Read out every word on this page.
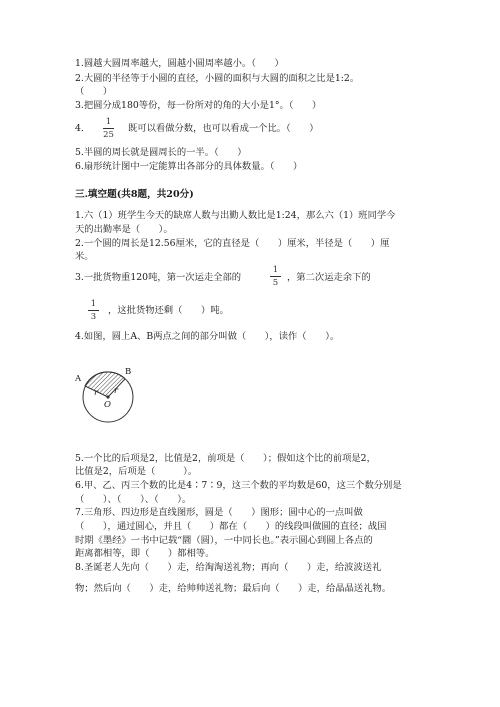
1.圆越大圆周率越大，圆越小圆周率越小。（　　）

2.大圆的半径等于小圆的直径，小圆的面积与大圆的面积之比是1:2。

（　　）

3.把圆分成180等份，每一份所对的角的大小是1°。（　　）

4.

1
25

既可以看做分数，也可以看成一个比。（　　）

5.半圆的周长就是圆周长的一半。（　　）

6.扇形统计图中一定能算出各部分的具体数量。（　　）

三.填空题(共8题，共20分)

1.六（1）班学生今天的缺席人数与出勤人数比是1:24，那么六（1）班同学今

天的出勤率是（　　）。

2.一个圆的周长是12.56厘米，它的直径是（　　）厘米，半径是（　　）厘

米。

3.一批货物重120吨，第一次运走全部的

1
5 ，第二次运走余下的

1
3

，这批货物还剩（　　）吨。

4.如图，圆上A、B两点之间的部分叫做（　　），读作（　　）。

A
B
r r
O

5.一个比的后项是2，比值是2，前项是（　　）；假如这个比的前项是2，

比值是2，后项是（　　　）。

6.甲、乙、丙三个数的比是4∶7∶9，这三个数的平均数是60，这三个数分别是

（　　）、（　　）、（　　）。

7.三角形、四边形是直线图形，圆是（　　）图形；圆中心的一点叫做

（　　），通过圆心，并且（　　）都在（　　）的线段叫做圆的直径；战国

时期《墨经》一书中记载“圜（圆），一中同长也。”表示圆心到圆上各点的

距离都相等，即（　　）都相等。

8.圣诞老人先向（　　）走，给淘淘送礼物；再向（　　）走，给波波送礼

物；然后向（　　）走，给帅帅送礼物；最后向（　　）走，给晶晶送礼物。
